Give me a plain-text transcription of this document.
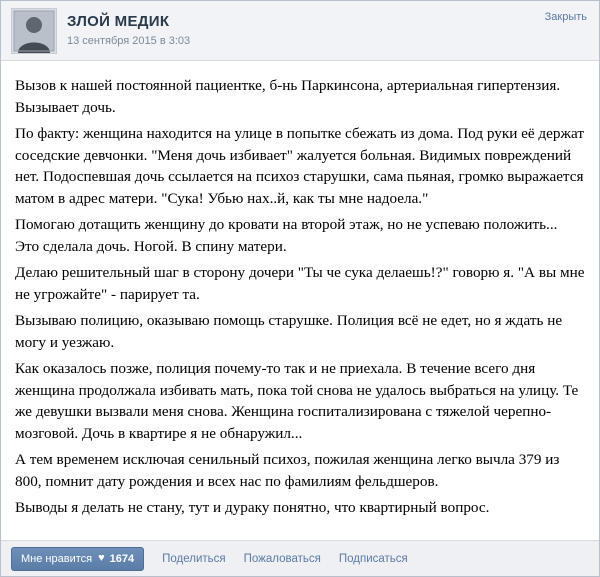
ЗЛОЙ МЕДИК
13 сентября 2015 в 3:03
Закрыть

Вызов к нашей постоянной пациентке, б-нь Паркинсона, артериальная гипертензия. Вызывает дочь.

По факту: женщина находится на улице в попытке сбежать из дома. Под руки её держат соседские девчонки. "Меня дочь избивает" жалуется больная. Видимых повреждений нет. Подоспевшая дочь ссылается на психоз старушки, сама пьяная, громко выражается матом в адрес матери. "Сука! Убью нах..й, как ты мне надоела."

Помогаю дотащить женщину до кровати на второй этаж, но не успеваю положить... Это сделала дочь. Ногой. В спину матери.

Делаю решительный шаг в сторону дочери "Ты че сука делаешь!?" говорю я. "А вы мне не угрожайте" - парирует та.

Вызываю полицию, оказываю помощь старушке. Полиция всё не едет, но я ждать не могу и уезжаю.

Как оказалось позже, полиция почему-то так и не приехала. В течение всего дня женщина продолжала избивать мать, пока той снова не удалось выбраться на улицу. Те же девушки вызвали меня снова. Женщина госпитализирована с тяжелой черепно-мозговой. Дочь в квартире я не обнаружил...

А тем временем исключая сенильный психоз, пожилая женщина легко вычла 379 из 800, помнит дату рождения и всех нас по фамилиям фельдшеров.

Выводы я делать не стану, тут и дураку понятно, что квартирный вопрос.

Мне нравится ♥ 1674 Поделиться Пожаловаться Подписаться
